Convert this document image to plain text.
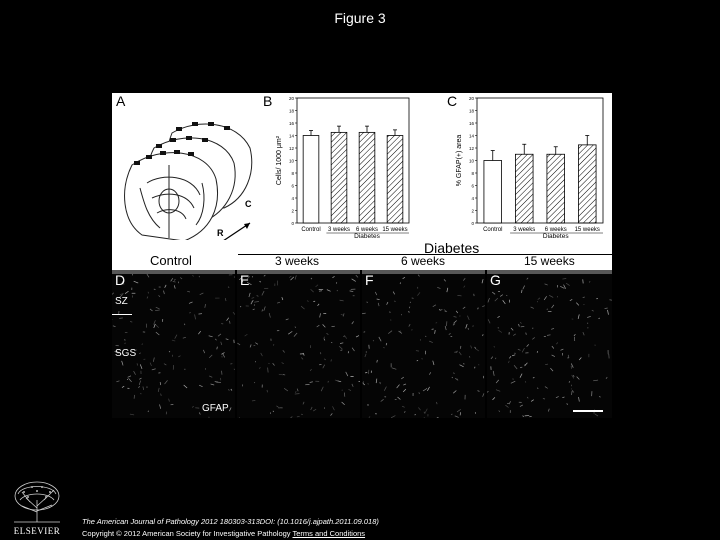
Figure 3
A
C
R
B
0
2
4
6
8
10
12
14
16
18
20
Cells/ 1000 μm²
Control 3 weeks 6 weeks 15 weeks
Diabetes
C
0
2
4
6
8
10
12
14
16
18
20
% GFAP(+) area
Control 3 weeks 6 weeks 15 weeks
Diabetes
Control
Diabetes
3 weeks	6 weeks	15 weeks
D
SZ
SGS
GFAP
E	F	G
ELSEVIER
The American Journal of Pathology 2012 180303-313DOI: (10.1016/j.ajpath.2011.09.018)
Copyright © 2012 American Society for Investigative Pathology Terms and Conditions
